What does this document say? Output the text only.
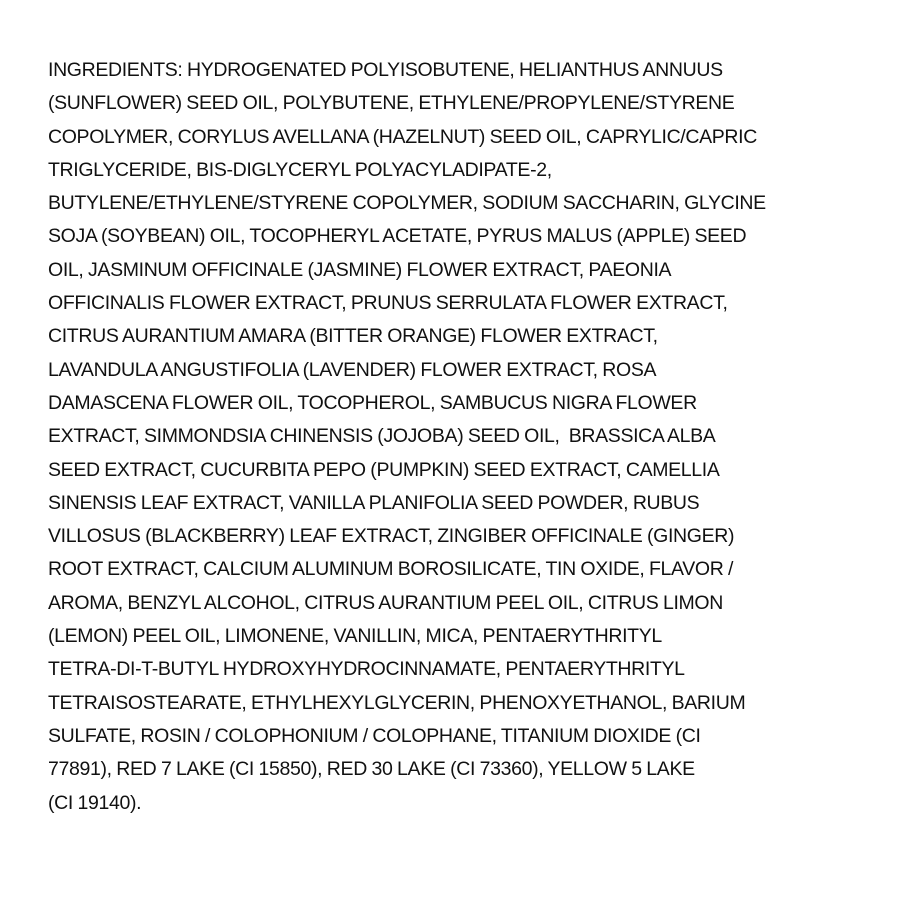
INGREDIENTS: HYDROGENATED POLYISOBUTENE, HELIANTHUS ANNUUS
(SUNFLOWER) SEED OIL, POLYBUTENE, ETHYLENE/PROPYLENE/STYRENE
COPOLYMER, CORYLUS AVELLANA (HAZELNUT) SEED OIL, CAPRYLIC/CAPRIC
TRIGLYCERIDE, BIS-DIGLYCERYL POLYACYLADIPATE-2,
BUTYLENE/ETHYLENE/STYRENE COPOLYMER, SODIUM SACCHARIN, GLYCINE
SOJA (SOYBEAN) OIL, TOCOPHERYL ACETATE, PYRUS MALUS (APPLE) SEED
OIL, JASMINUM OFFICINALE (JASMINE) FLOWER EXTRACT, PAEONIA
OFFICINALIS FLOWER EXTRACT, PRUNUS SERRULATA FLOWER EXTRACT,
CITRUS AURANTIUM AMARA (BITTER ORANGE) FLOWER EXTRACT,
LAVANDULA ANGUSTIFOLIA (LAVENDER) FLOWER EXTRACT, ROSA
DAMASCENA FLOWER OIL, TOCOPHEROL, SAMBUCUS NIGRA FLOWER
EXTRACT, SIMMONDSIA CHINENSIS (JOJOBA) SEED OIL,  BRASSICA ALBA
SEED EXTRACT, CUCURBITA PEPO (PUMPKIN) SEED EXTRACT, CAMELLIA
SINENSIS LEAF EXTRACT, VANILLA PLANIFOLIA SEED POWDER, RUBUS
VILLOSUS (BLACKBERRY) LEAF EXTRACT, ZINGIBER OFFICINALE (GINGER)
ROOT EXTRACT, CALCIUM ALUMINUM BOROSILICATE, TIN OXIDE, FLAVOR /
AROMA, BENZYL ALCOHOL, CITRUS AURANTIUM PEEL OIL, CITRUS LIMON
(LEMON) PEEL OIL, LIMONENE, VANILLIN, MICA, PENTAERYTHRITYL
TETRA-DI-T-BUTYL HYDROXYHYDROCINNAMATE, PENTAERYTHRITYL
TETRAISOSTEARATE, ETHYLHEXYLGLYCERIN, PHENOXYETHANOL, BARIUM
SULFATE, ROSIN / COLOPHONIUM / COLOPHANE, TITANIUM DIOXIDE (CI
77891), RED 7 LAKE (CI 15850), RED 30 LAKE (CI 73360), YELLOW 5 LAKE
(CI 19140).
